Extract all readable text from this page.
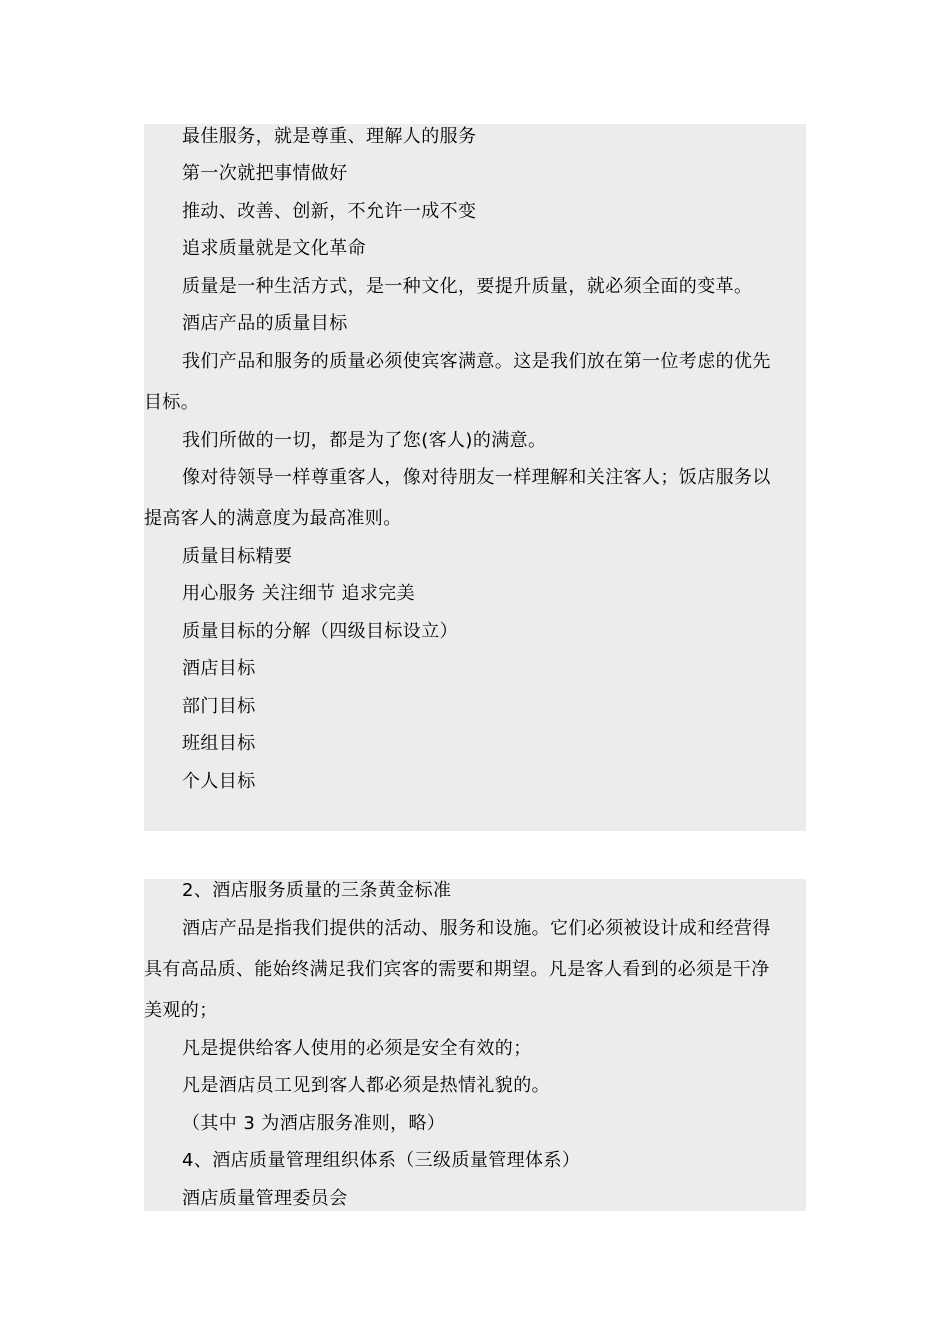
最佳服务，就是尊重、理解人的服务
第一次就把事情做好
推动、改善、创新，不允许一成不变
追求质量就是文化革命
质量是一种生活方式，是一种文化，要提升质量，就必须全面的变革。
酒店产品的质量目标
我们产品和服务的质量必须使宾客满意。这是我们放在第一位考虑的优先
目标。
我们所做的一切，都是为了您(客人)的满意。
像对待领导一样尊重客人，像对待朋友一样理解和关注客人；饭店服务以
提高客人的满意度为最高准则。
质量目标精要
用心服务 关注细节 追求完美
质量目标的分解（四级目标设立）
酒店目标
部门目标
班组目标
个人目标
2、酒店服务质量的三条黄金标准
酒店产品是指我们提供的活动、服务和设施。它们必须被设计成和经营得
具有高品质、能始终满足我们宾客的需要和期望。凡是客人看到的必须是干净
美观的；
凡是提供给客人使用的必须是安全有效的；
凡是酒店员工见到客人都必须是热情礼貌的。
（其中 3 为酒店服务准则，略）
4、酒店质量管理组织体系（三级质量管理体系）
酒店质量管理委员会
